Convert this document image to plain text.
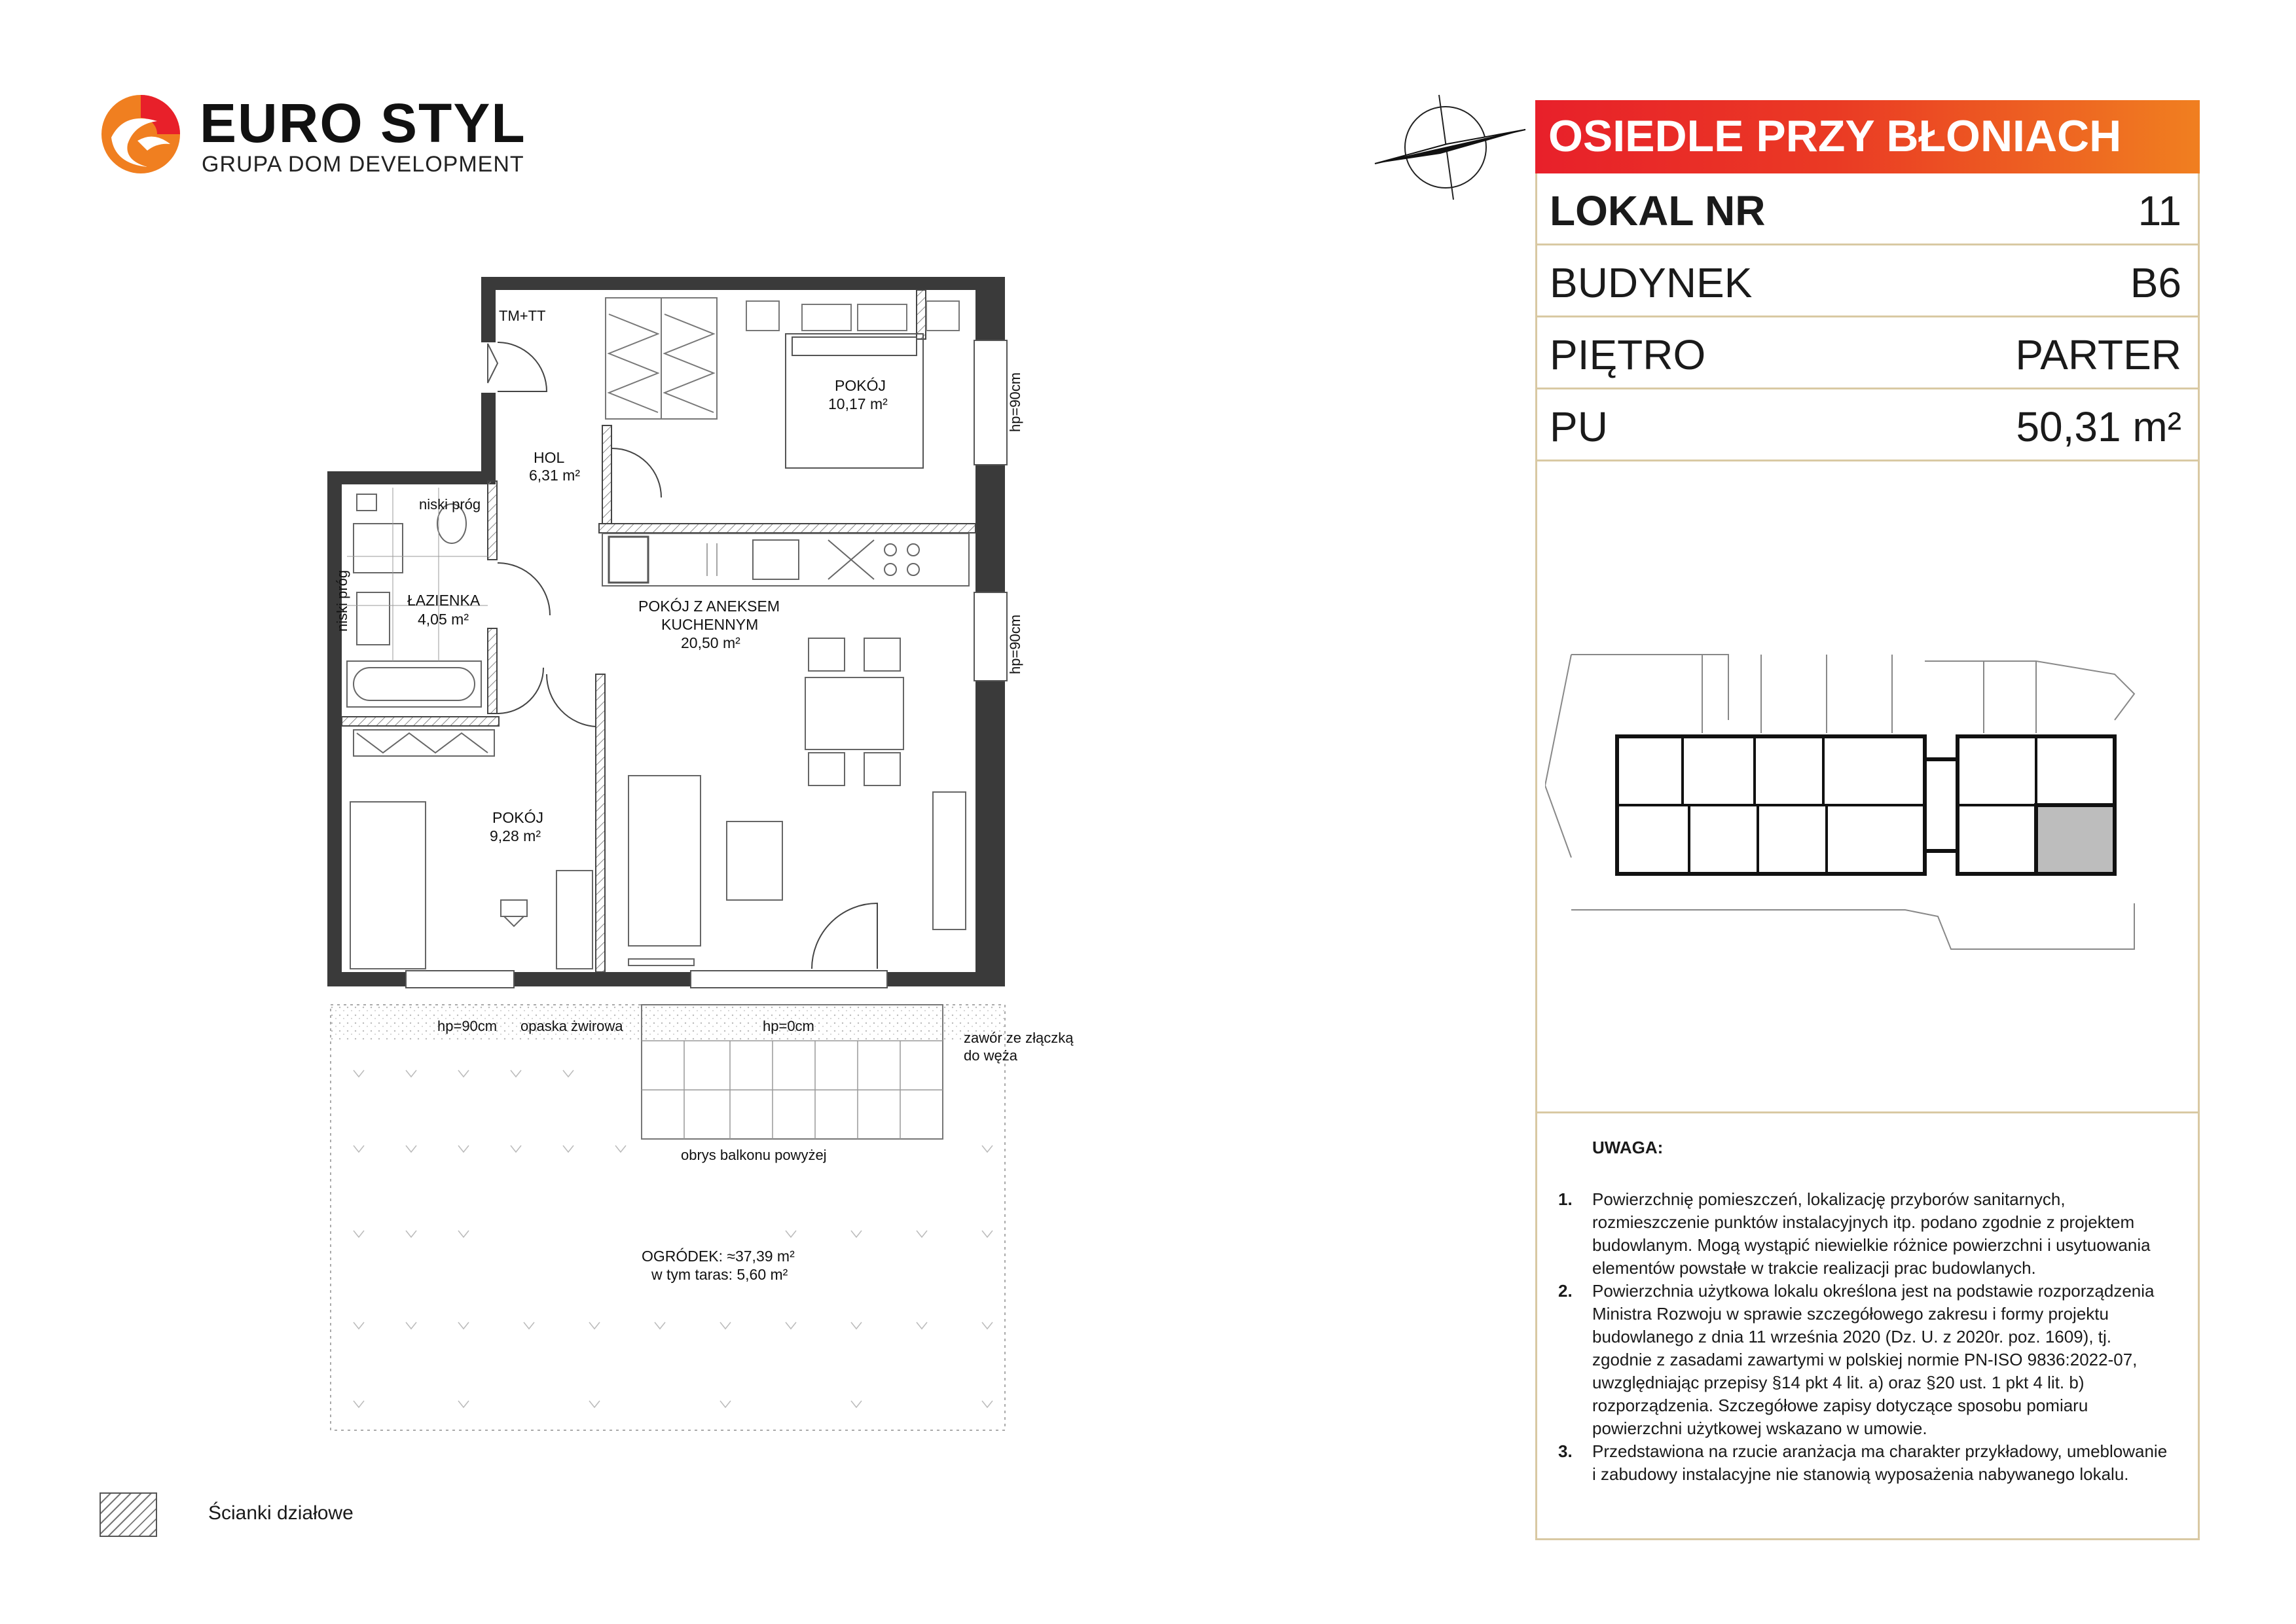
EURO STYL
GRUPA DOM DEVELOPMENT
OSIEDLE PRZY BŁONIACH
LOKAL NR	11
BUDYNEK	B6
PIĘTRO	PARTER
PU	50,31 m²
UWAGA:
1. Powierzchnię pomieszczeń, lokalizację przyborów sanitarnych, rozmieszczenie punktów instalacyjnych itp. podano zgodnie z projektem budowlanym. Mogą wystąpić niewielkie różnice powierzchni i usytuowania elementów powstałe w trakcie realizacji prac budowlanych.
2. Powierzchnia użytkowa lokalu określona jest na podstawie rozporządzenia Ministra Rozwoju w sprawie szczegółowego zakresu i formy projektu budowlanego z dnia 11 września 2020 (Dz. U. z 2020r. poz. 1609), tj. zgodnie z zasadami zawartymi w polskiej normie PN-ISO 9836:2022-07, uwzględniając przepisy §14 pkt 4 lit. a) oraz §20 ust. 1 pkt 4 lit. b) rozporządzenia. Szczegółowe zapisy dotyczące sposobu pomiaru powierzchni użytkowej wskazano w umowie.
3. Przedstawiona na rzucie aranżacja ma charakter przykładowy, umeblowanie i zabudowy instalacyjne nie stanowią wyposażenia nabywanego lokalu.
HOL
6,31 m²
POKÓJ
10,17 m²
ŁAZIENKA
4,05 m²
POKÓJ Z ANEKSEM
KUCHENNYM
20,50 m²
POKÓJ
9,28 m²
OGRÓDEK: ≈37,39 m²
w tym taras: 5,60 m²
TM+TT
niski próg
niski próg
hp=90cm
hp=90cm
hp=90cm opaska żwirowa	hp=0cm
zawór ze złączką
do węża
obrys balkonu powyżej
Ścianki działowe
